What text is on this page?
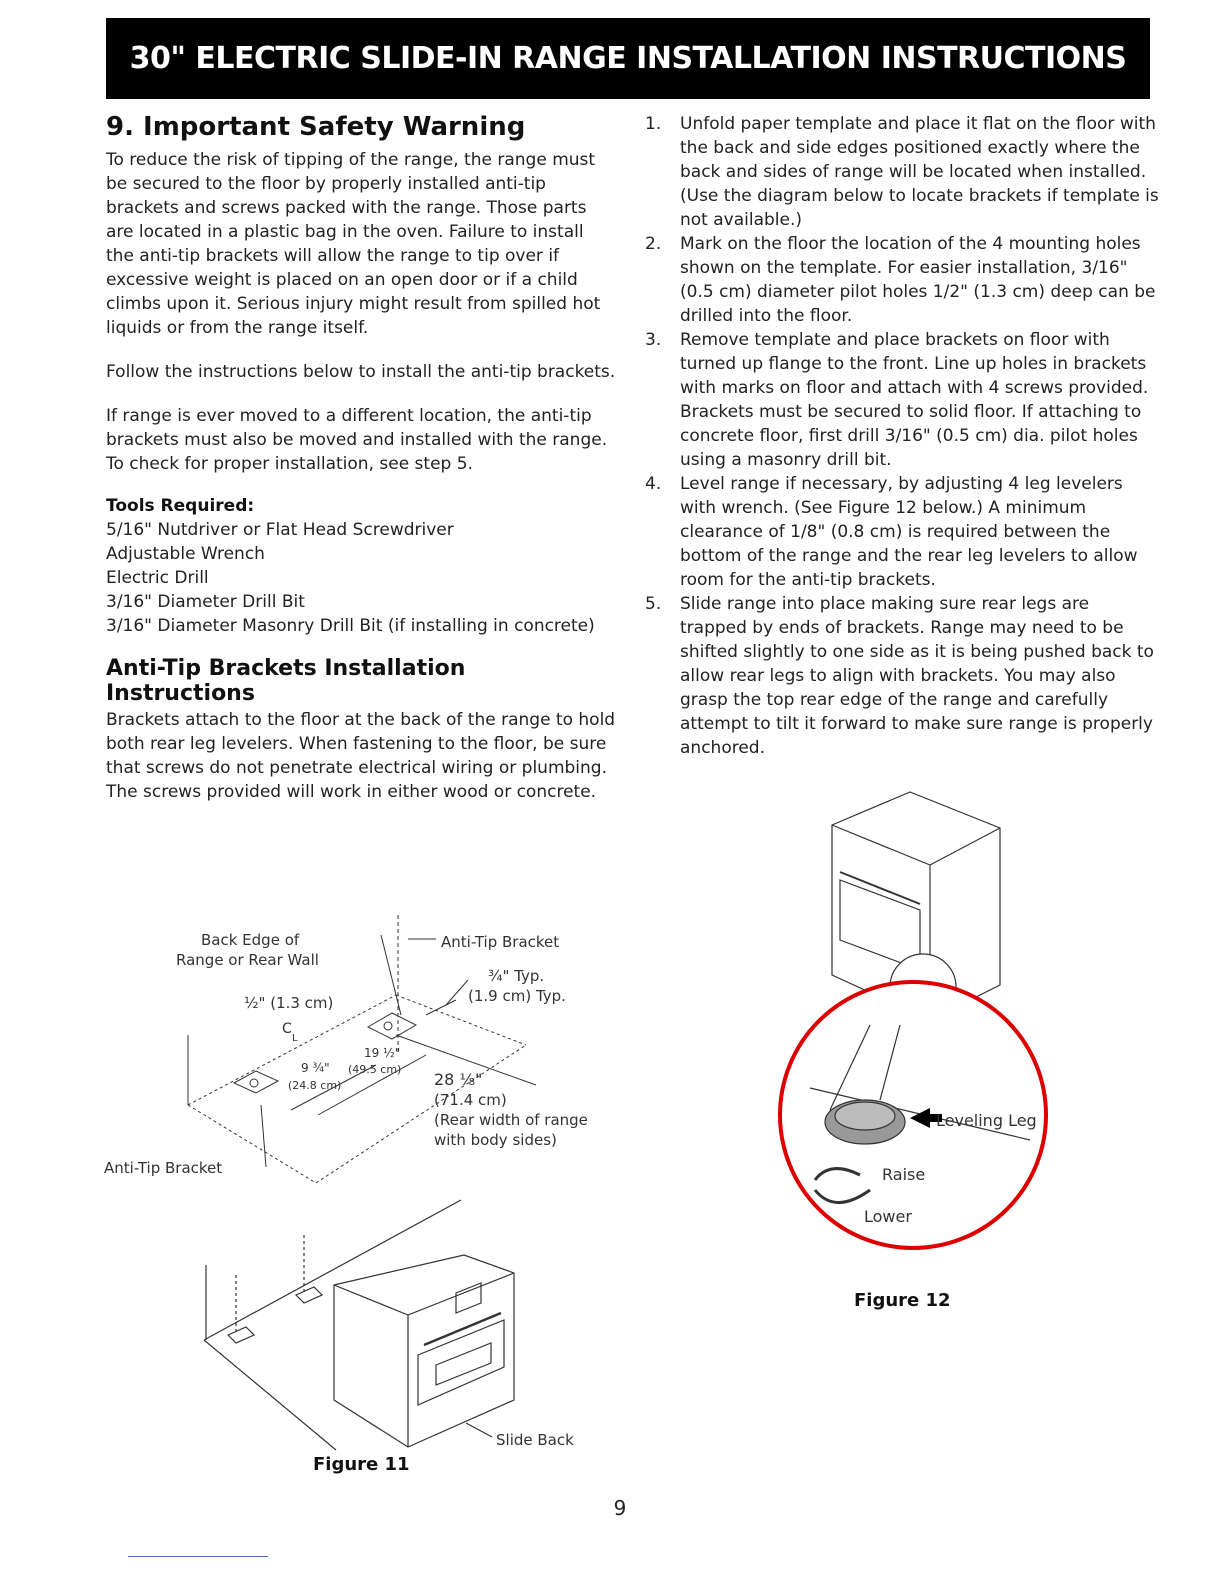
30" ELECTRIC SLIDE-IN RANGE INSTALLATION INSTRUCTIONS
9. Important Safety Warning

To reduce the risk of tipping of the range, the range must be secured to the floor by properly installed anti-tip brackets and screws packed with the range. Those parts are located in a plastic bag in the oven. Failure to install the anti-tip brackets will allow the range to tip over if excessive weight is placed on an open door or if a child climbs upon it. Serious injury might result from spilled hot liquids or from the range itself.

Follow the instructions below to install the anti-tip brackets.

If range is ever moved to a different location, the anti-tip brackets must also be moved and installed with the range. To check for proper installation, see step 5.

Tools Required:
5/16" Nutdriver or Flat Head Screwdriver
Adjustable Wrench
Electric Drill
3/16" Diameter Drill Bit
3/16" Diameter Masonry Drill Bit (if installing in concrete)
Anti-Tip Brackets Installation Instructions

Brackets attach to the floor at the back of the range to hold both rear leg levelers. When fastening to the floor, be sure that screws do not penetrate electrical wiring or plumbing. The screws provided will work in either wood or concrete.

1. Unfold paper template and place it flat on the floor with the back and side edges positioned exactly where the back and sides of range will be located when installed. (Use the diagram below to locate brackets if template is not available.)
2. Mark on the floor the location of the 4 mounting holes shown on the template. For easier installation, 3/16" (0.5 cm) diameter pilot holes 1/2" (1.3 cm) deep can be drilled into the floor.
3. Remove template and place brackets on floor with turned up flange to the front. Line up holes in brackets with marks on floor and attach with 4 screws provided. Brackets must be secured to solid floor. If attaching to concrete floor, first drill 3/16" (0.5 cm) dia. pilot holes using a masonry drill bit.
4. Level range if necessary, by adjusting 4 leg levelers with wrench. (See Figure 12 below.) A minimum clearance of 1/8" (0.8 cm) is required between the bottom of the range and the rear leg levelers to allow room for the anti-tip brackets.
5. Slide range into place making sure rear legs are trapped by ends of brackets. Range may need to be shifted slightly to one side as it is being pushed back to allow rear legs to align with brackets. You may also grasp the top rear edge of the range and carefully attempt to tilt it forward to make sure range is properly anchored.
Back Edge of
Range or Rear Wall
Anti-Tip Bracket
¾" Typ.
(1.9 cm) Typ.
½" (1.3 cm)
C
L
19 ½"
(49.5 cm)
9 ¾"
(24.8 cm)	28 ⅛"
(71.4 cm)
(Rear width of range
with body sides)
Anti-Tip Bracket
Slide Back
Figure 11
Leveling Leg
Raise
Lower
Figure 12
9
